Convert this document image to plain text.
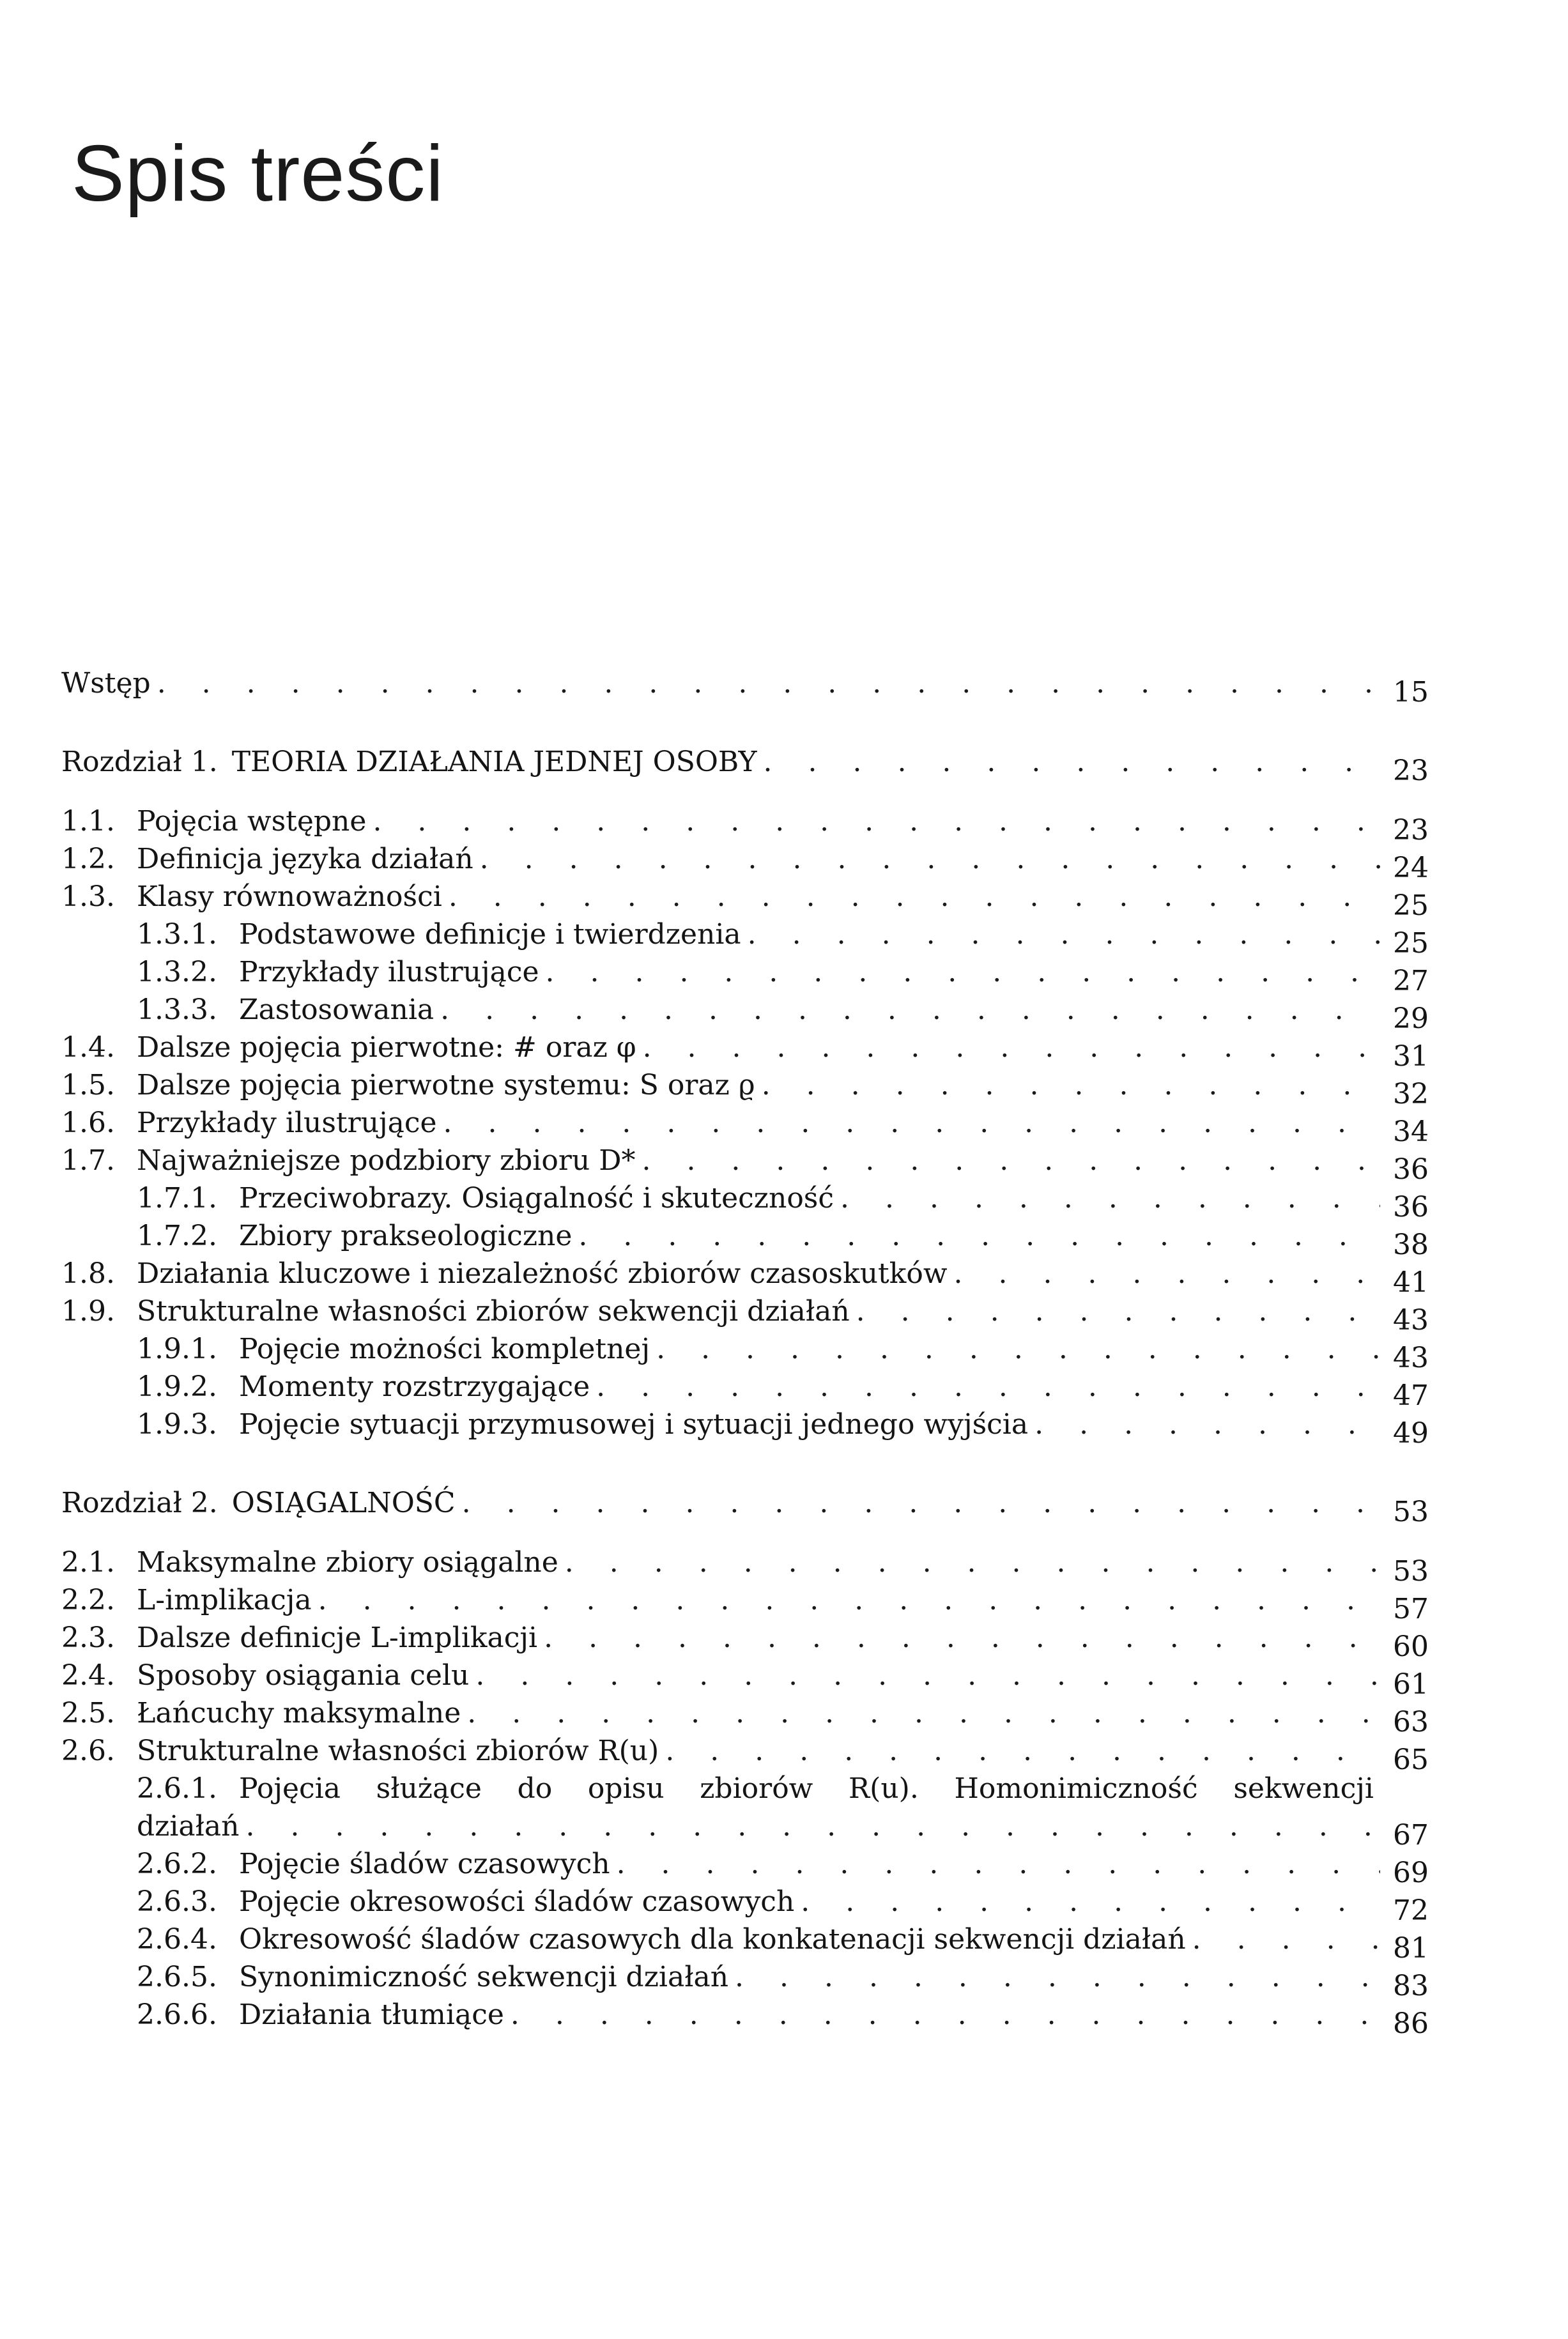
Spis treści
Wstęp . . .	15
Rozdział 1. TEORIA DZIAŁANIA JEDNEJ OSOBY . . .	23
1.1. Pojęcia wstępne . . .	23
1.2. Definicja języka działań . . .	24
1.3. Klasy równoważności . . .	25
1.3.1. Podstawowe definicje i twierdzenia . . .	25
1.3.2. Przykłady ilustrujące . . .	27
1.3.3. Zastosowania . . .	29
1.4. Dalsze pojęcia pierwotne: # oraz φ . . .	31
1.5. Dalsze pojęcia pierwotne systemu: S oraz ϱ . . .	32
1.6. Przykłady ilustrujące . . .	34
1.7. Najważniejsze podzbiory zbioru D* . . .	36
1.7.1. Przeciwobrazy. Osiągalność i skuteczność . . .	36
1.7.2. Zbiory prakseologiczne . . .	38
1.8. Działania kluczowe i niezależność zbiorów czasoskutków . . .	41
1.9. Strukturalne własności zbiorów sekwencji działań . . .	43
1.9.1. Pojęcie możności kompletnej . . .	43
1.9.2. Momenty rozstrzygające . . .	47
1.9.3. Pojęcie sytuacji przymusowej i sytuacji jednego wyjścia . . .	49
Rozdział 2. OSIĄGALNOŚĆ . . .	53
2.1. Maksymalne zbiory osiągalne . . .	53
2.2. L-implikacja . . .	57
2.3. Dalsze definicje L-implikacji . . .	60
2.4. Sposoby osiągania celu . . .	61
2.5. Łańcuchy maksymalne . . .	63
2.6. Strukturalne własności zbiorów R(u) . . .	65
2.6.1. Pojęcia służące do opisu zbiorów R(u). Homonimiczność sekwencji
działań . . .	67
2.6.2. Pojęcie śladów czasowych . . .	69
2.6.3. Pojęcie okresowości śladów czasowych . . .	72
2.6.4. Okresowość śladów czasowych dla konkatenacji sekwencji działań . . .	81
2.6.5. Synonimiczność sekwencji działań . . .	83
2.6.6. Działania tłumiące . . .	86
